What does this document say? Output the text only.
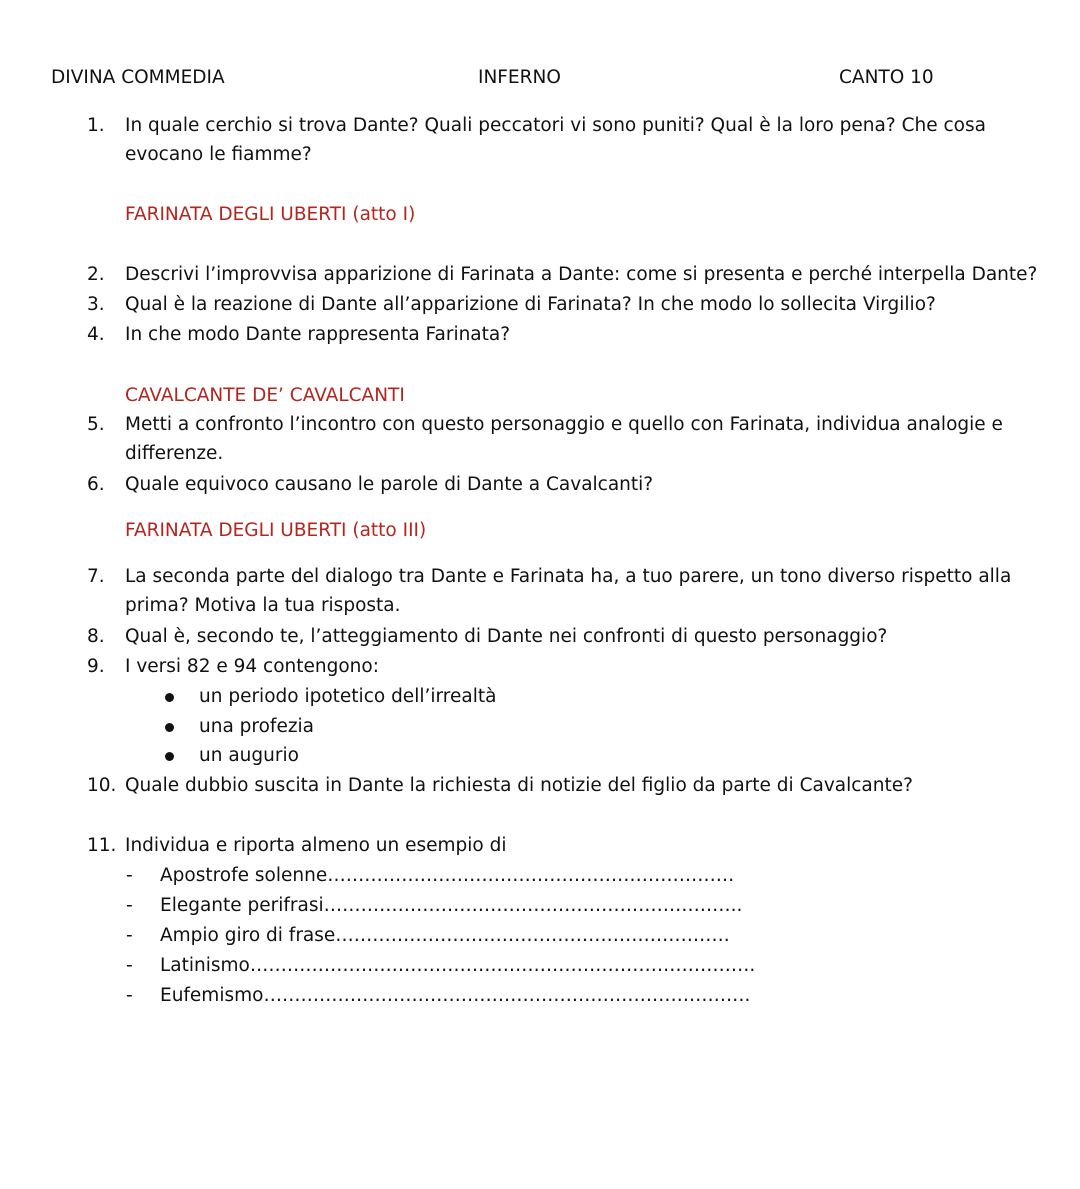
DIVINA COMMEDIA	INFERNO	CANTO 10
1. In quale cerchio si trova Dante? Quali peccatori vi sono puniti? Qual è la loro pena? Che cosa
evocano le fiamme?
FARINATA DEGLI UBERTI (atto I)
2. Descrivi l’improvvisa apparizione di Farinata a Dante: come si presenta e perché interpella Dante?
3. Qual è la reazione di Dante all’apparizione di Farinata? In che modo lo sollecita Virgilio?
4. In che modo Dante rappresenta Farinata?
CAVALCANTE DE’ CAVALCANTI
5. Metti a confronto l’incontro con questo personaggio e quello con Farinata, individua analogie e
differenze.
6. Quale equivoco causano le parole di Dante a Cavalcanti?
FARINATA DEGLI UBERTI (atto III)
7. La seconda parte del dialogo tra Dante e Farinata ha, a tuo parere, un tono diverso rispetto alla
prima? Motiva la tua risposta.
8. Qual è, secondo te, l’atteggiamento di Dante nei confronti di questo personaggio?
9. I versi 82 e 94 contengono:
un periodo ipotetico dell’irrealtà
una profezia
un augurio
10. Quale dubbio suscita in Dante la richiesta di notizie del figlio da parte di Cavalcante?
11. Individua e riporta almeno un esempio di
- Apostrofe solenne…………………………………………………………
- Elegante perifrasi…………………………………………………………..
- Ampio giro di frase……………………………………………………….
- Latinismo……………………………………………………………………….
- Eufemismo…………………………………………………………………….
